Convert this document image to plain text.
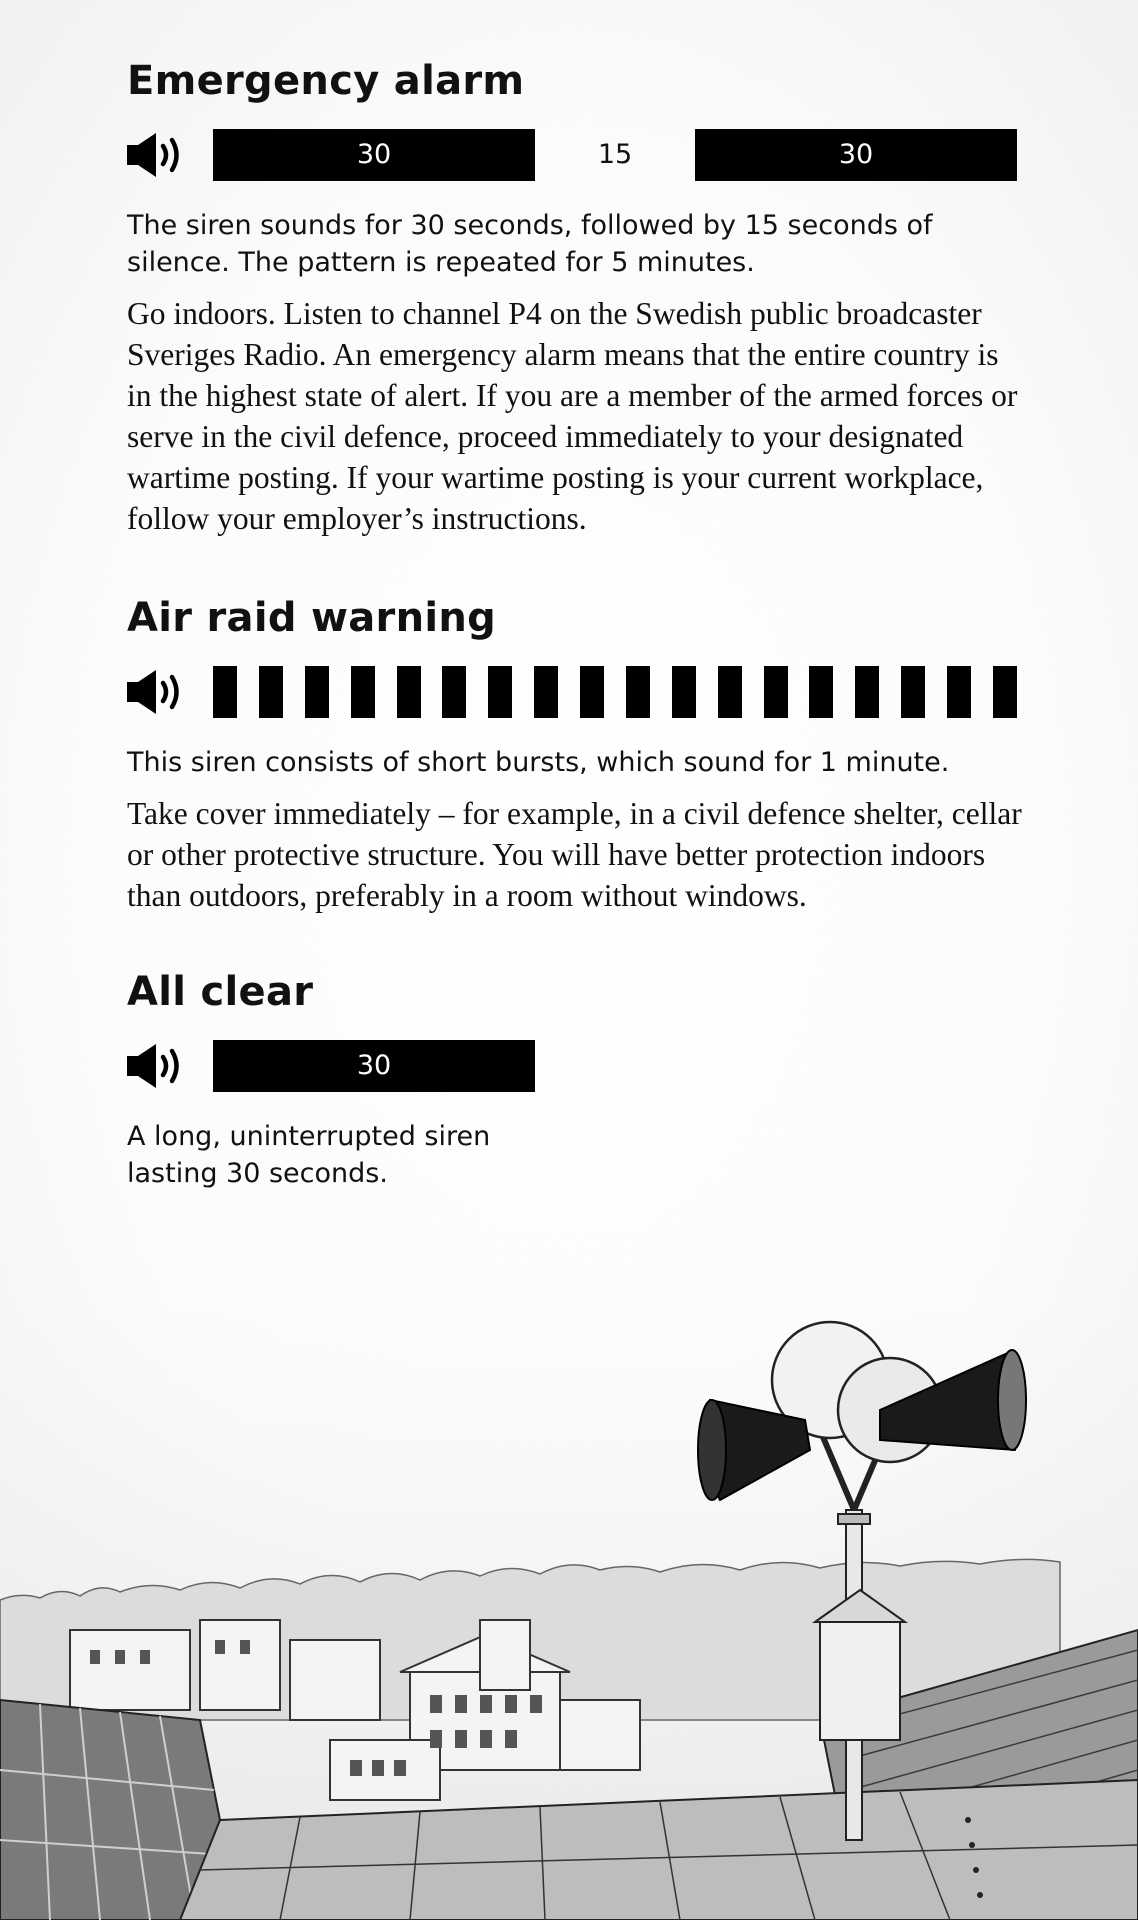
Emergency alarm
30	15	30

The siren sounds for 30 seconds, followed by 15 seconds of silence. The pattern is repeated for 5 minutes.

Go indoors. Listen to channel P4 on the Swedish public broadcaster Sveriges Radio. An emergency alarm means that the entire country is in the highest state of alert. If you are a member of the armed forces or serve in the civil defence, proceed immediately to your designated wartime posting. If your wartime posting is your current workplace, follow your employer’s instructions.

Air raid warning

This siren consists of short bursts, which sound for 1 minute.

Take cover immediately – for example, in a civil defence shelter, cellar or other protective structure. You will have better protection indoors than outdoors, preferably in a room without windows.

All clear
30

A long, uninterrupted siren
lasting 30 seconds.
